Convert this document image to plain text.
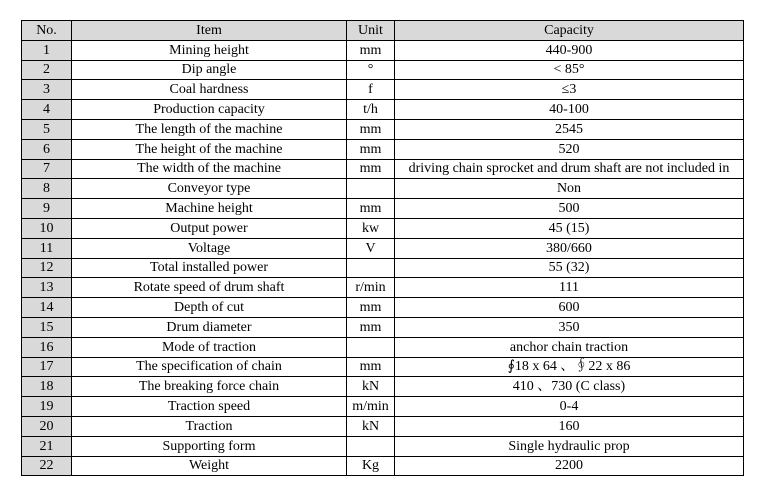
No.	Item	Unit	Capacity
1	Mining height	mm	440-900
2	Dip angle	°	< 85°
3	Coal hardness	f	≤3
4	Production capacity	t/h	40-100
5	The length of the machine	mm	2545
6	The height of the machine	mm	520
7	The width of the machine	mm	driving chain sprocket and drum shaft are not included in
8	Conveyor type		Non
9	Machine height	mm	500
10	Output power	kw	45 (15)
11	Voltage	V	380/660
12	Total installed power		55 (32)
13	Rotate speed of drum shaft	r/min	111
14	Depth of cut	mm	600
15	Drum diameter	mm	350
16	Mode of traction		anchor chain traction
17	The specification of chain	mm	∮18 x 64 、∮22 x 86
18	The breaking force chain	kN	410 、730 (C class)
19	Traction speed	m/min	0-4
20	Traction	kN	160
21	Supporting form		Single hydraulic prop
22	Weight	Kg	2200
